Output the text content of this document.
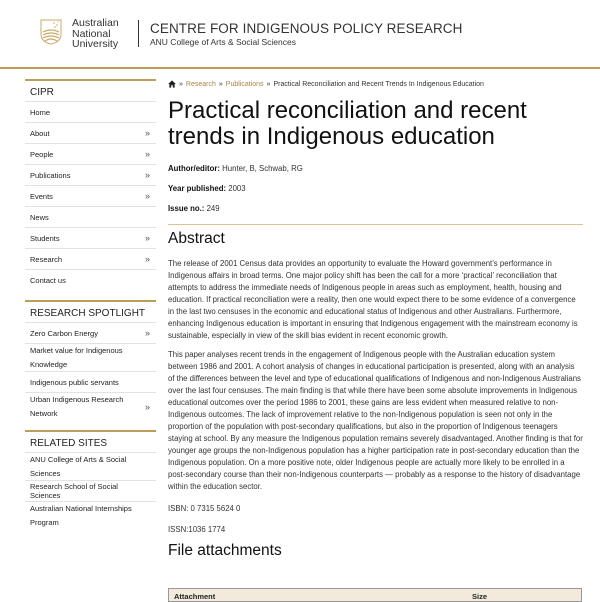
Australian
National
University
CENTRE FOR INDIGENOUS POLICY RESEARCH
ANU College of Arts & Social Sciences
CIPR
Home
About	»
People	»
Publications	»
Events	»
News
Students	»
Research	»
Contact us
RESEARCH SPOTLIGHT
Zero Carbon Energy	»
Market value for Indigenous Knowledge
Indigenous public servants
Urban Indigenous Research Network
»
RELATED SITES
ANU College of Arts & Social Sciences
Research School of Social Sciences
Australian National Internships Program
» Research » Publications » Practical Reconciliation and Recent Trends In Indigenous Education
Practical reconciliation and recent trends in Indigenous education
Author/editor: Hunter, B, Schwab, RG
Year published: 2003
Issue no.: 249
Abstract

The release of 2001 Census data provides an opportunity to evaluate the Howard government’s performance in Indigenous affairs in broad terms. One major policy shift has been the call for a more ‘practical’ reconciliation that attempts to address the immediate needs of Indigenous people in areas such as employment, health, housing and education. If practical reconciliation were a reality, then one would expect there to be some evidence of a convergence in the last two censuses in the economic and educational status of Indigenous and other Australians. Furthermore, enhancing Indigenous education is important in ensuring that Indigenous engagement with the mainstream economy is sustainable, especially in view of the skill bias evident in recent economic growth.

This paper analyses recent trends in the engagement of Indigenous people with the Australian education system between 1986 and 2001. A cohort analysis of changes in educational participation is presented, along with an analysis of the differences between the level and type of educational qualifications of Indigenous and non-Indigenous Australians over the last four censuses. The main finding is that while there have been some absolute improvements in Indigenous educational outcomes over the period 1986 to 2001, these gains are less evident when measured relative to non-Indigenous outcomes. The lack of improvement relative to the non-Indigenous population is seen not only in the proportion of the population with post-secondary qualifications, but also in the proportion of Indigenous teenagers staying at school. By any measure the Indigenous population remains severely disadvantaged. Another finding is that for younger age groups the non-Indigenous population has a higher participation rate in post-secondary education than the Indigenous population. On a more positive note, older Indigenous people are actually more likely to be enrolled in a post-secondary course than their non-Indigenous counterparts — probably as a response to the history of disadvantage within the education sector.

ISBN: 0 7315 5624 0
ISSN:1036 1774
File attachments
Attachment	Size
